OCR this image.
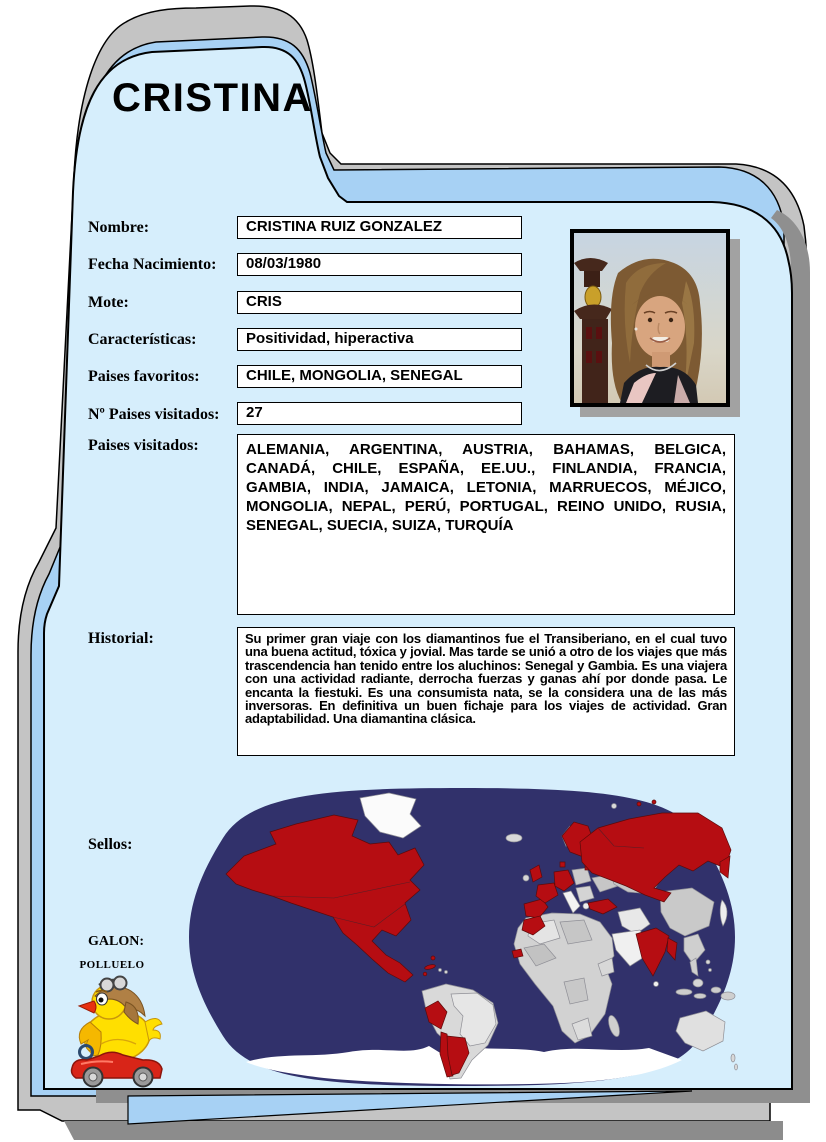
CRISTINA
Nombre:	CRISTINA RUIZ GONZALEZ
Fecha Nacimiento:	08/03/1980
Mote:	CRIS
Características:	Positividad, hiperactiva
Paises favoritos:	CHILE, MONGOLIA, SENEGAL
Nº Paises visitados:	27
Paises visitados:	ALEMANIA, ARGENTINA, AUSTRIA, BAHAMAS, BELGICA, CANADÁ, CHILE, ESPAÑA, EE.UU., FINLANDIA, FRANCIA, GAMBIA, INDIA, JAMAICA, LETONIA, MARRUECOS, MÉJICO, MONGOLIA, NEPAL, PERÚ, PORTUGAL, REINO UNIDO, RUSIA, SENEGAL, SUECIA, SUIZA, TURQUÍA
Historial:	Su primer gran viaje con los diamantinos fue el Transiberiano, en el cual tuvo una buena actitud, tóxica y jovial. Mas tarde se unió a otro de los viajes que más trascendencia han tenido entre los aluchinos: Senegal y Gambia. Es una viajera con una actividad radiante, derrocha fuerzas y ganas ahí por donde pasa. Le encanta la fiestuki. Es una consumista nata, se la considera una de las más inversoras. En definitiva un buen fichaje para los viajes de actividad. Gran adaptabilidad. Una diamantina clásica.
Sellos:
GALON:
POLLUELO
